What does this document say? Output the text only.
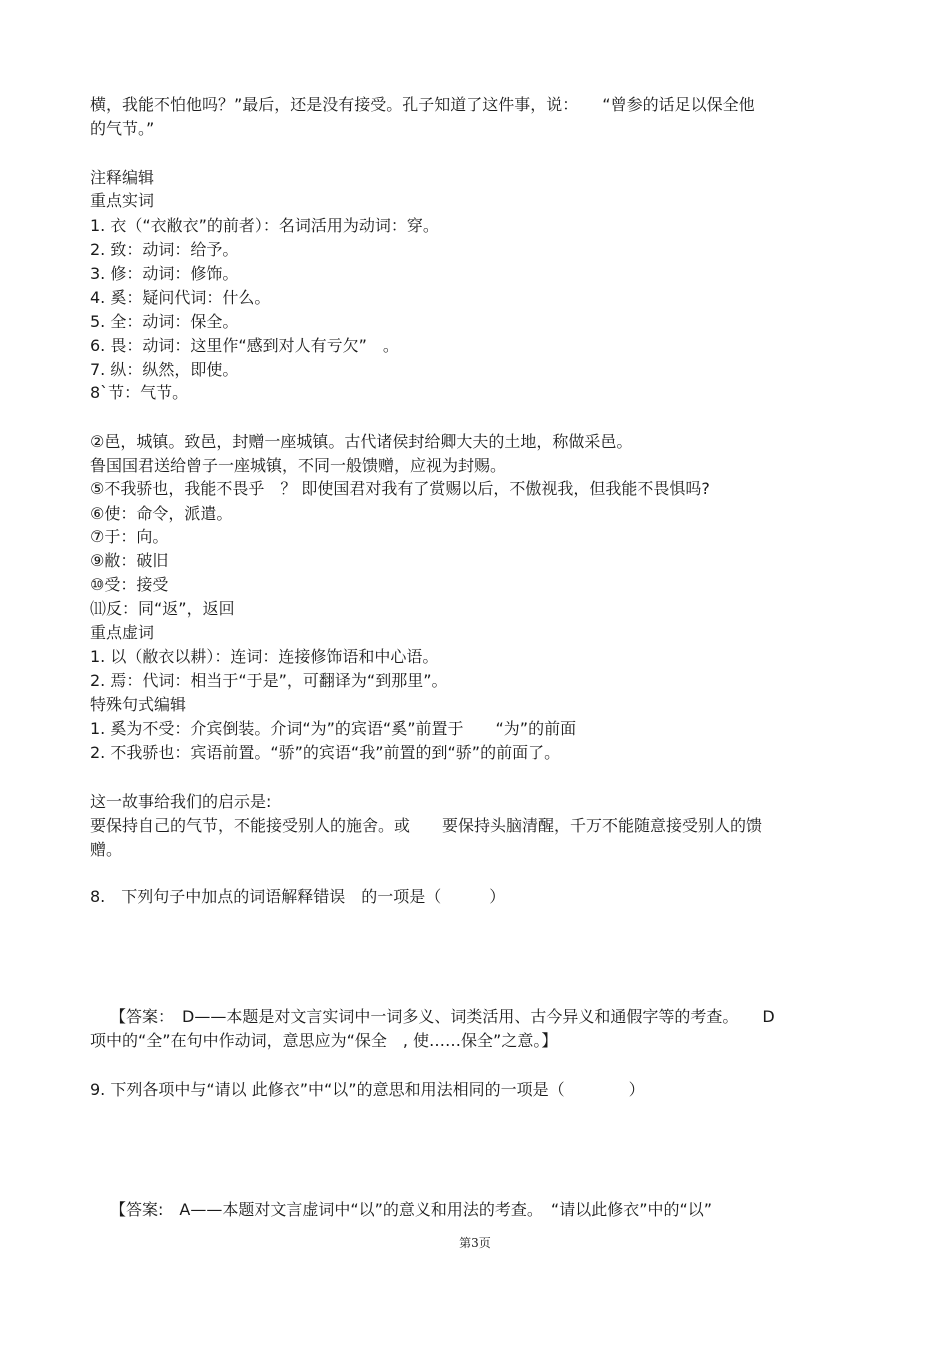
横，我能不怕他吗？”最后，还是没有接受。孔子知道了这件事，说：　　“曾参的话足以保全他
的气节。”
注释编辑
重点实词
1. 衣（“衣敝衣”的前者）：名词活用为动词：穿。
2. 致：动词：给予。
3. 修：动词：修饰。
4. 奚：疑问代词：什么。
5. 全：动词：保全。
6. 畏：动词：这里作“感到对人有亏欠”　。
7. 纵：纵然，即使。
8`节：气节。
②邑，城镇。致邑，封赠一座城镇。古代诸侯封给卿大夫的土地，称做采邑。
鲁国国君送给曾子一座城镇，不同一般馈赠，应视为封赐。
⑤不我骄也，我能不畏乎　？ 即使国君对我有了赏赐以后，不傲视我，但我能不畏惧吗?
⑥使：命令，派遣。
⑦于：向。
⑨敝：破旧
⑩受：接受
⑾反：同“返”，返回
重点虚词
1. 以（敝衣以耕）：连词：连接修饰语和中心语。
2. 焉：代词：相当于“于是”，可翻译为“到那里”。
特殊句式编辑
1. 奚为不受：介宾倒装。介词“为”的宾语“奚”前置于　　“为”的前面
2. 不我骄也：宾语前置。“骄”的宾语“我”前置的到“骄”的前面了。
这一故事给我们的启示是:
要保持自己的气节，不能接受别人的施舍。或　　要保持头脑清醒，千万不能随意接受别人的馈
赠。
8.　下列句子中加点的词语解释错误　的一项是（　　　）
【答案：　D——本题是对文言实词中一词多义、词类活用、古今异义和通假字等的考查。　　D
项中的“全”在句中作动词，意思应为“保全　, 使……保全”之意。】
9. 下列各项中与“请以 此修衣”中“以”的意思和用法相同的一项是（　　　　）
【答案:　A——本题对文言虚词中“以”的意义和用法的考查。　“请以此修衣”中的“以”
第3页
